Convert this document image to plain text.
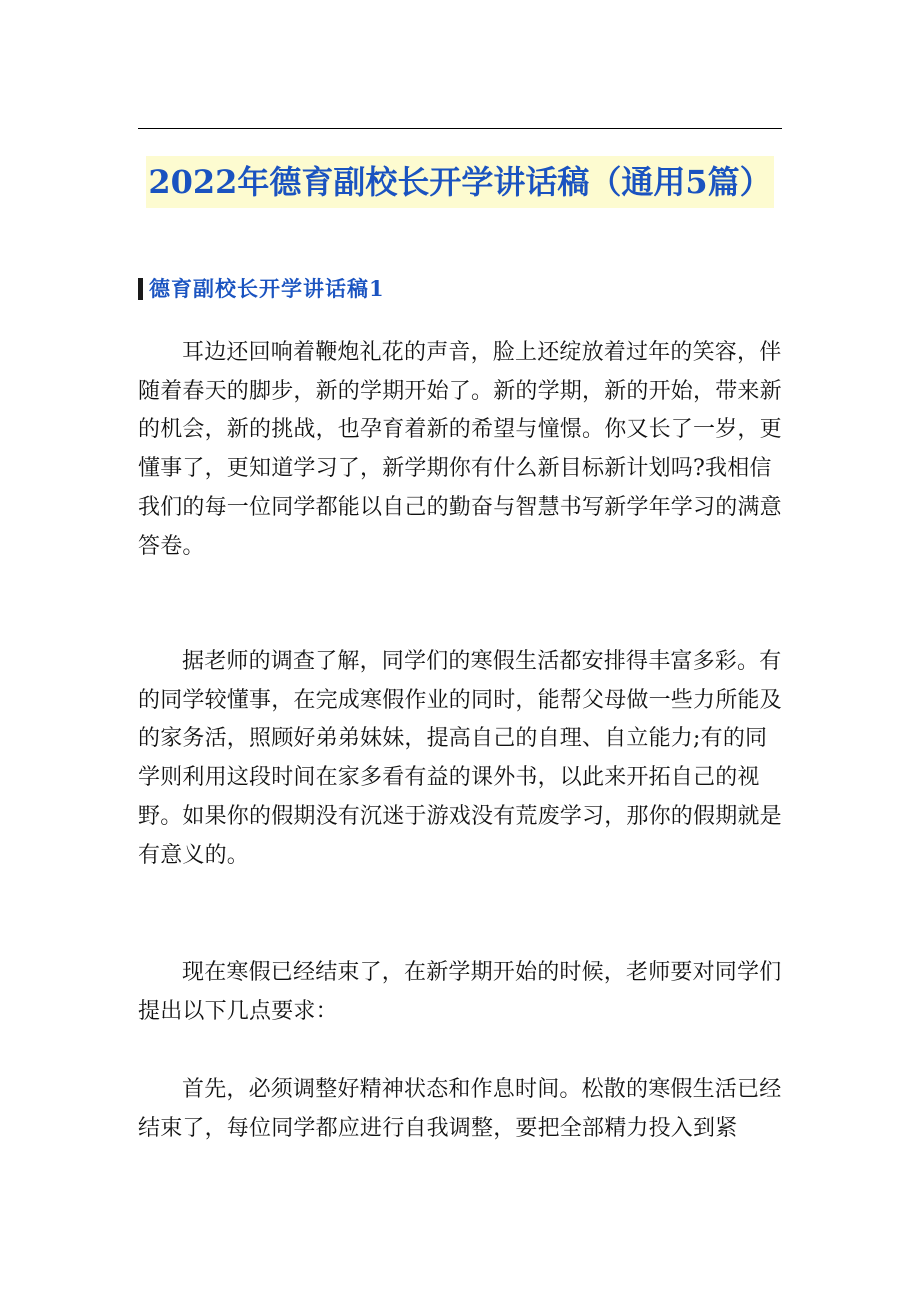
2022年德育副校长开学讲话稿（通用5篇）
德育副校长开学讲话稿1

耳边还回响着鞭炮礼花的声音，脸上还绽放着过年的笑容，伴随着春天的脚步，新的学期开始了。新的学期，新的开始，带来新的机会，新的挑战，也孕育着新的希望与憧憬。你又长了一岁，更懂事了，更知道学习了，新学期你有什么新目标新计划吗?我相信我们的每一位同学都能以自己的勤奋与智慧书写新学年学习的满意答卷。

据老师的调查了解，同学们的寒假生活都安排得丰富多彩。有的同学较懂事，在完成寒假作业的同时，能帮父母做一些力所能及的家务活，照顾好弟弟妹妹，提高自己的自理、自立能力;有的同学则利用这段时间在家多看有益的课外书，以此来开拓自己的视野。如果你的假期没有沉迷于游戏没有荒废学习，那你的假期就是有意义的。

现在寒假已经结束了，在新学期开始的时候，老师要对同学们提出以下几点要求：

首先，必须调整好精神状态和作息时间。松散的寒假生活已经结束了，每位同学都应进行自我调整，要把全部精力投入到紧
